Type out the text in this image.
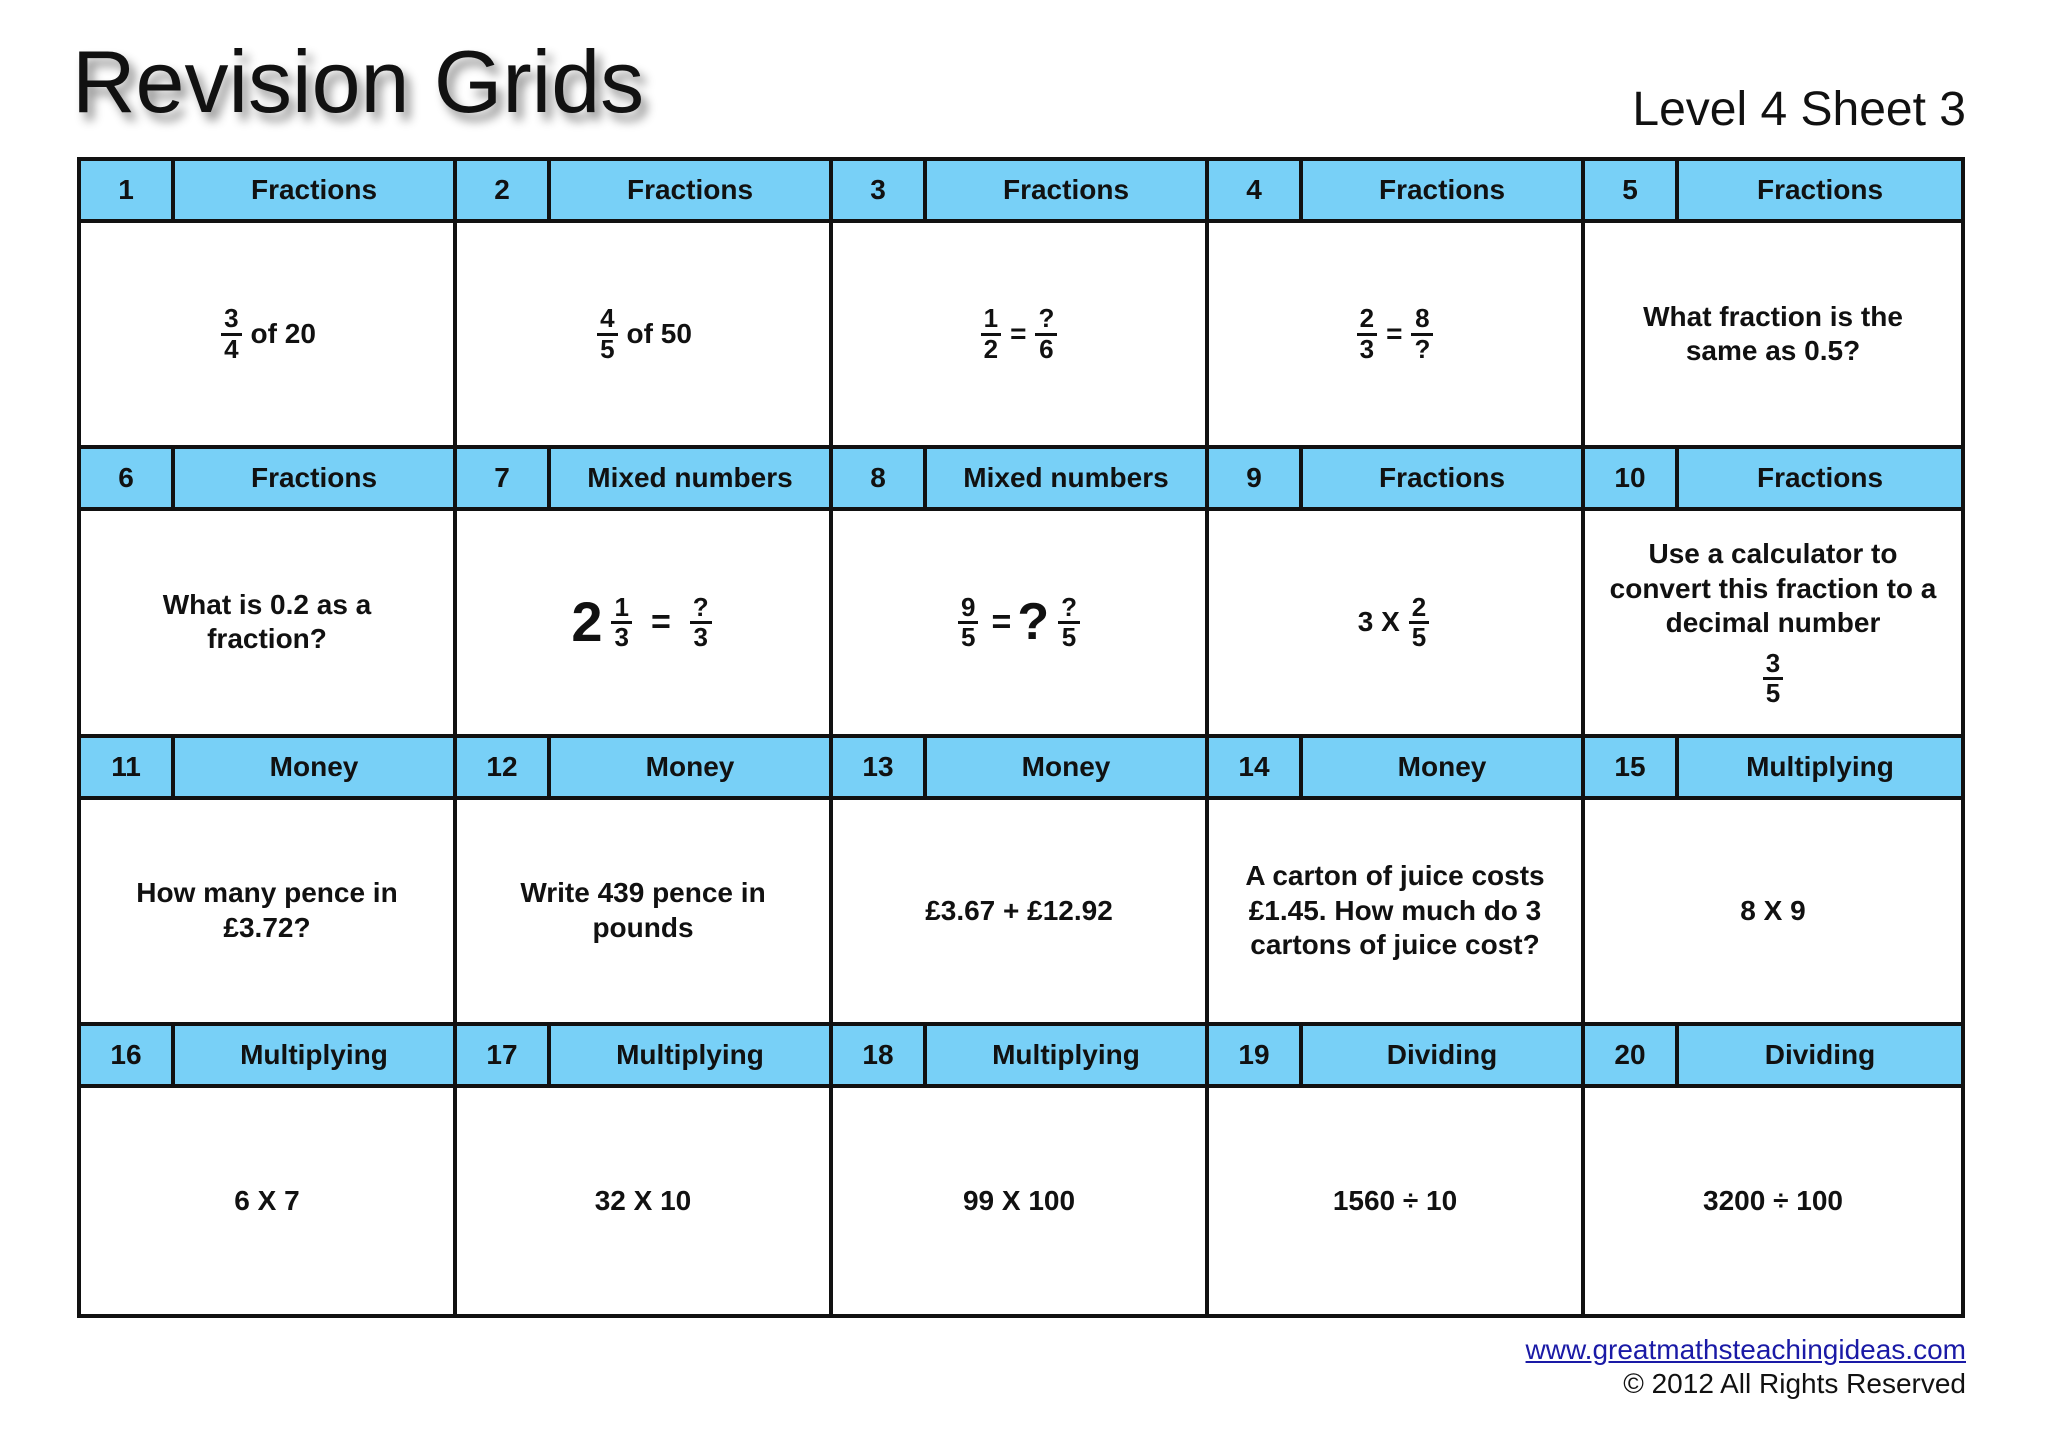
Revision Grids	Level 4 Sheet 3
1	Fractions
$\frac{3}{4}$ of 20
2	Fractions
$\frac{4}{5}$ of 50
3	Fractions
$\frac{1}{2} = \frac{?}{6}$
4	Fractions
$\frac{2}{3} = \frac{8}{?}$
5	Fractions
What fraction is the same as 0.5?
6	Fractions
What is 0.2 as a fraction?
7	Mixed numbers
$2 \frac{1}{3} = \frac{?}{3}$
8	Mixed numbers
$\frac{9}{5}$ = ? $\frac{?}{5}$
9	Fractions
3 X $\frac{2}{5}$
10	Fractions
Use a calculator to convert this fraction to a decimal number
$\frac{3}{5}$
11	Money
How many pence in £3.72?
12	Money
Write 439 pence in pounds
13	Money
£3.67 + £12.92
14	Money
A carton of juice costs £1.45. How much do 3 cartons of juice cost?
15	Multiplying
8 X 9
16	Multiplying
6 X 7
17	Multiplying
32 X 10
18	Multiplying
99 X 100
19	Dividing
1560 ÷ 10
20	Dividing
3200 ÷ 100
www.greatmathsteachingideas.com
© 2012 All Rights Reserved
